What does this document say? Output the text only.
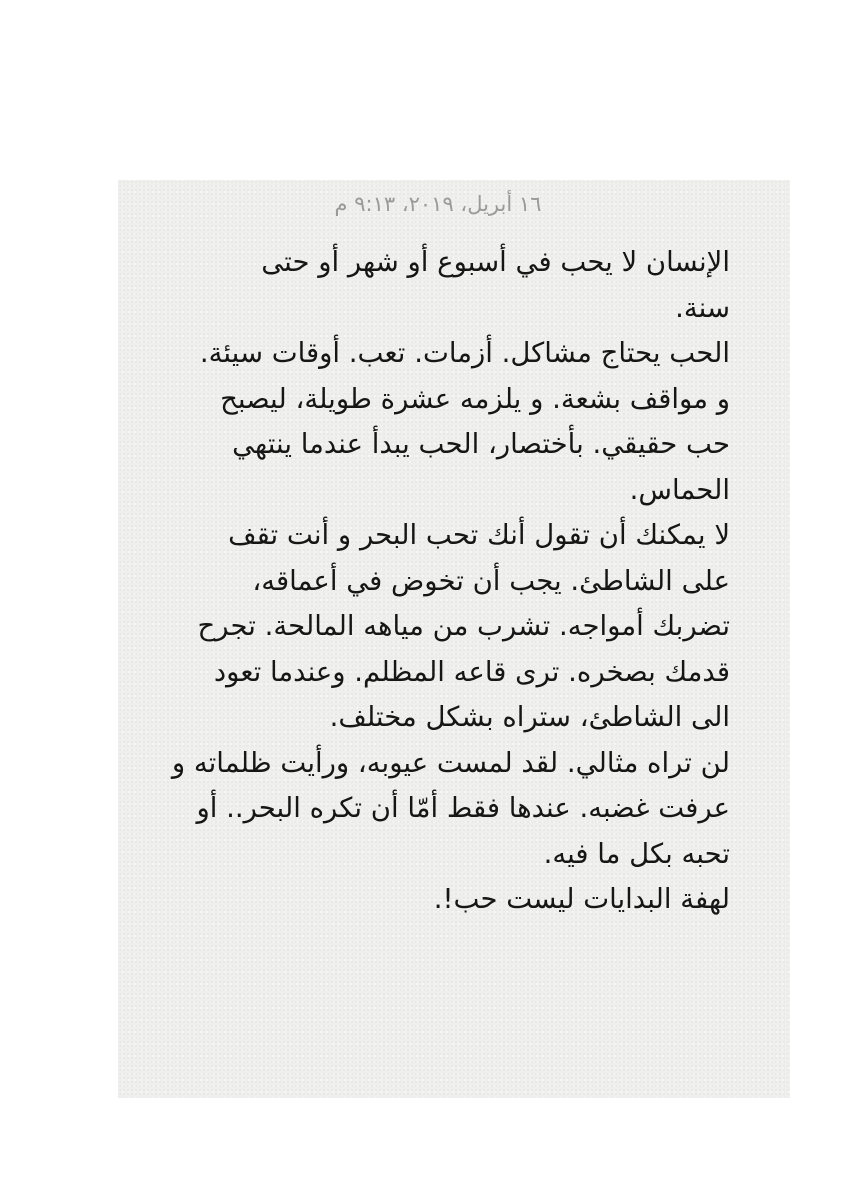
١٦ أبريل، ٢٠١٩، ٩:١٣ م
الإنسان لا يحب في أسبوع أو شهر أو حتى
سنة.
الحب يحتاج مشاكل. أزمات. تعب. أوقات سيئة.
و مواقف بشعة. و يلزمه عشرة طويلة، ليصبح
حب حقيقي. بأختصار، الحب يبدأ عندما ينتهي
الحماس.
لا يمكنك أن تقول أنك تحب البحر و أنت تقف
على الشاطئ. يجب أن تخوض في أعماقه،
تضربك أمواجه. تشرب من مياهه المالحة. تجرح
قدمك بصخره. ترى قاعه المظلم. وعندما تعود
الى الشاطئ، ستراه بشكل مختلف.
لن تراه مثالي. لقد لمست عيوبه، ورأيت ظلماته و
عرفت غضبه. عندها فقط أمّا أن تكره البحر.. أو
تحبه بكل ما فيه.
لهفة البدايات ليست حب!.
